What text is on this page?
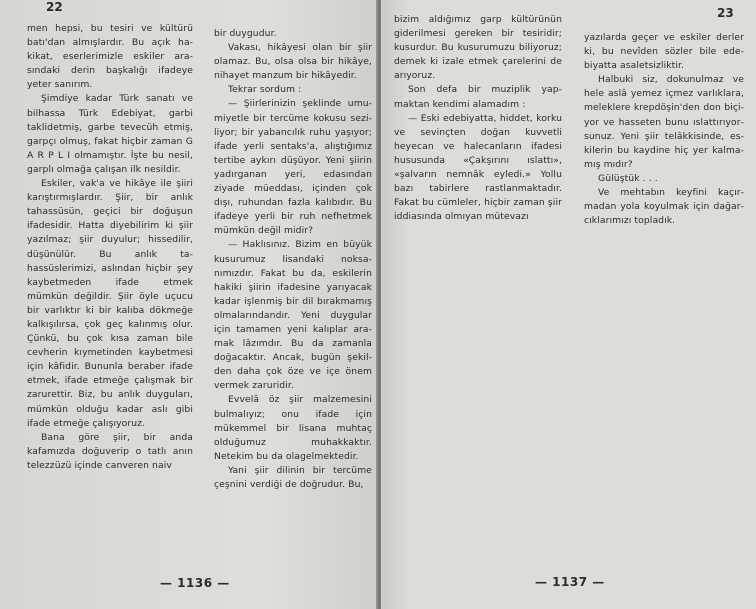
22

men hepsi, bu tesiri ve kültürü batı'dan almışlardır. Bu açık hakikat, eserlerimizle eskiler arasındaki derin başkalığı ifadeye yeter sanırım.

Şimdiye kadar Türk sanatı ve bilhassa Türk Edebiyat, garbi taklidetmiş, garbe tevecüh etmiş, garpçı olmuş, fakat hiçbir zaman G A R P L I olmamıştır. İşte bu nesil, garplı olmağa çalışan ilk nesildir.

Eskiler, vak'a ve hikâye ile şiiri karıştırmışlardır. Şiir, bir anlık tahassüsün, geçici bir doğuşun ifadesidir. Hatta diyebilirim ki şiir yazılmaz; şiir duyulur; hissedilir, düşünülür. Bu anlık tahassüslerimizi, aslından hiçbir şey kaybetmeden ifade etmek mümkün değildir. Şiir öyle uçucu bir varlıktır ki bir kalıba dökmeğe kalkışılırsa, çok geç kalınmış olur. Çünkü, bu çok kısa zaman bile cevherin kıymetinden kaybetmesi için kâfidir. Bununla beraber ifade etmek, ifade etmeğe çalışmak bir zarurettir. Biz, bu anlık duyguları, mümkün olduğu kadar aslı gibi ifade etmeğe çalışıyoruz.

Bana göre şiir, bir anda kafamızda doğuverip o tatlı anın telezzüzü içinde canveren naiv

bir duygudur.

Vakası, hikâyesi olan bir şiir olamaz. Bu, olsa olsa bir hikâye, nihayet manzum bir hikâyedir.

Tekrar sordum :

— Şiirlerinizin şeklinde umumiyetle bir tercüme kokusu seziliyor; bir yabancılık ruhu yaşıyor; ifade yerli sentaks'a, alıştığımız tertibe aykırı düşüyor. Yeni şiirin yadırganan yeri, edasından ziyade müeddası, içinden çok dışı, ruhundan fazla kalıbıdır. Bu ifadeye yerli bir ruh nefhetmek mümkün değil midir?

— Haklısınız. Bizim en büyük kusurumuz lisandaki noksanımızdır. Fakat bu da, eskilerin hakiki şiirin ifadesine yarıyacak kadar işlenmiş bir dil bırakmamış olmalarındandır. Yeni duygular için tamamen yeni kalıplar aramak lâzımdır. Bu da zamanla doğacaktır. Ancak, bugün şekilden daha çok öze ve içe önem vermek zaruridir.

Evvelâ öz şiir malzemesini bulmalıyız; onu ifade için mükemmel bir lisana muhtaç olduğumuz muhakkaktır. Netekim bu da olagelmektedir.

Yani şiir dilinin bir tercüme çeşnini verdiği de doğrudur. Bu,

— 1136 —
23

bizim aldığımız garp kültürünün giderilmesi gereken bir tesiridir; kusurdur. Bu kusurumuzu biliyoruz; demek ki izale etmek çarelerini de arıyoruz.

Son defa bir muziplik yapmaktan kendimi alamadım :

— Eski edebiyatta, hiddet, korku ve sevinçten doğan kuvvetli heyecan ve halecanların ifadesi hususunda «Çakşırını ıslattı», «şalvarın nemnâk eyledi.» Yollu bazı tabirlere rastlanmaktadır. Fakat bu cümleler, hiçbir zaman şiir iddiasında olmıyan mütevazı

yazılarda geçer ve eskiler derler ki, bu nevîden sözler bile edebiyatta asaletsizliktir.

Halbuki siz, dokunulmaz ve hele aslâ yemez içmez varlıklara, meleklere krepdöşin'den don biçiyor ve hasseten bunu ıslattırıyorsunuz. Yeni şiir telâkkisinde, eskilerin bu kaydine hiç yer kalmamış mıdır?

Gülüştük . . .

Ve mehtabın keyfini kaçırmadan yola koyulmak için dağarcıklarımızı topladık.

— 1137 —
